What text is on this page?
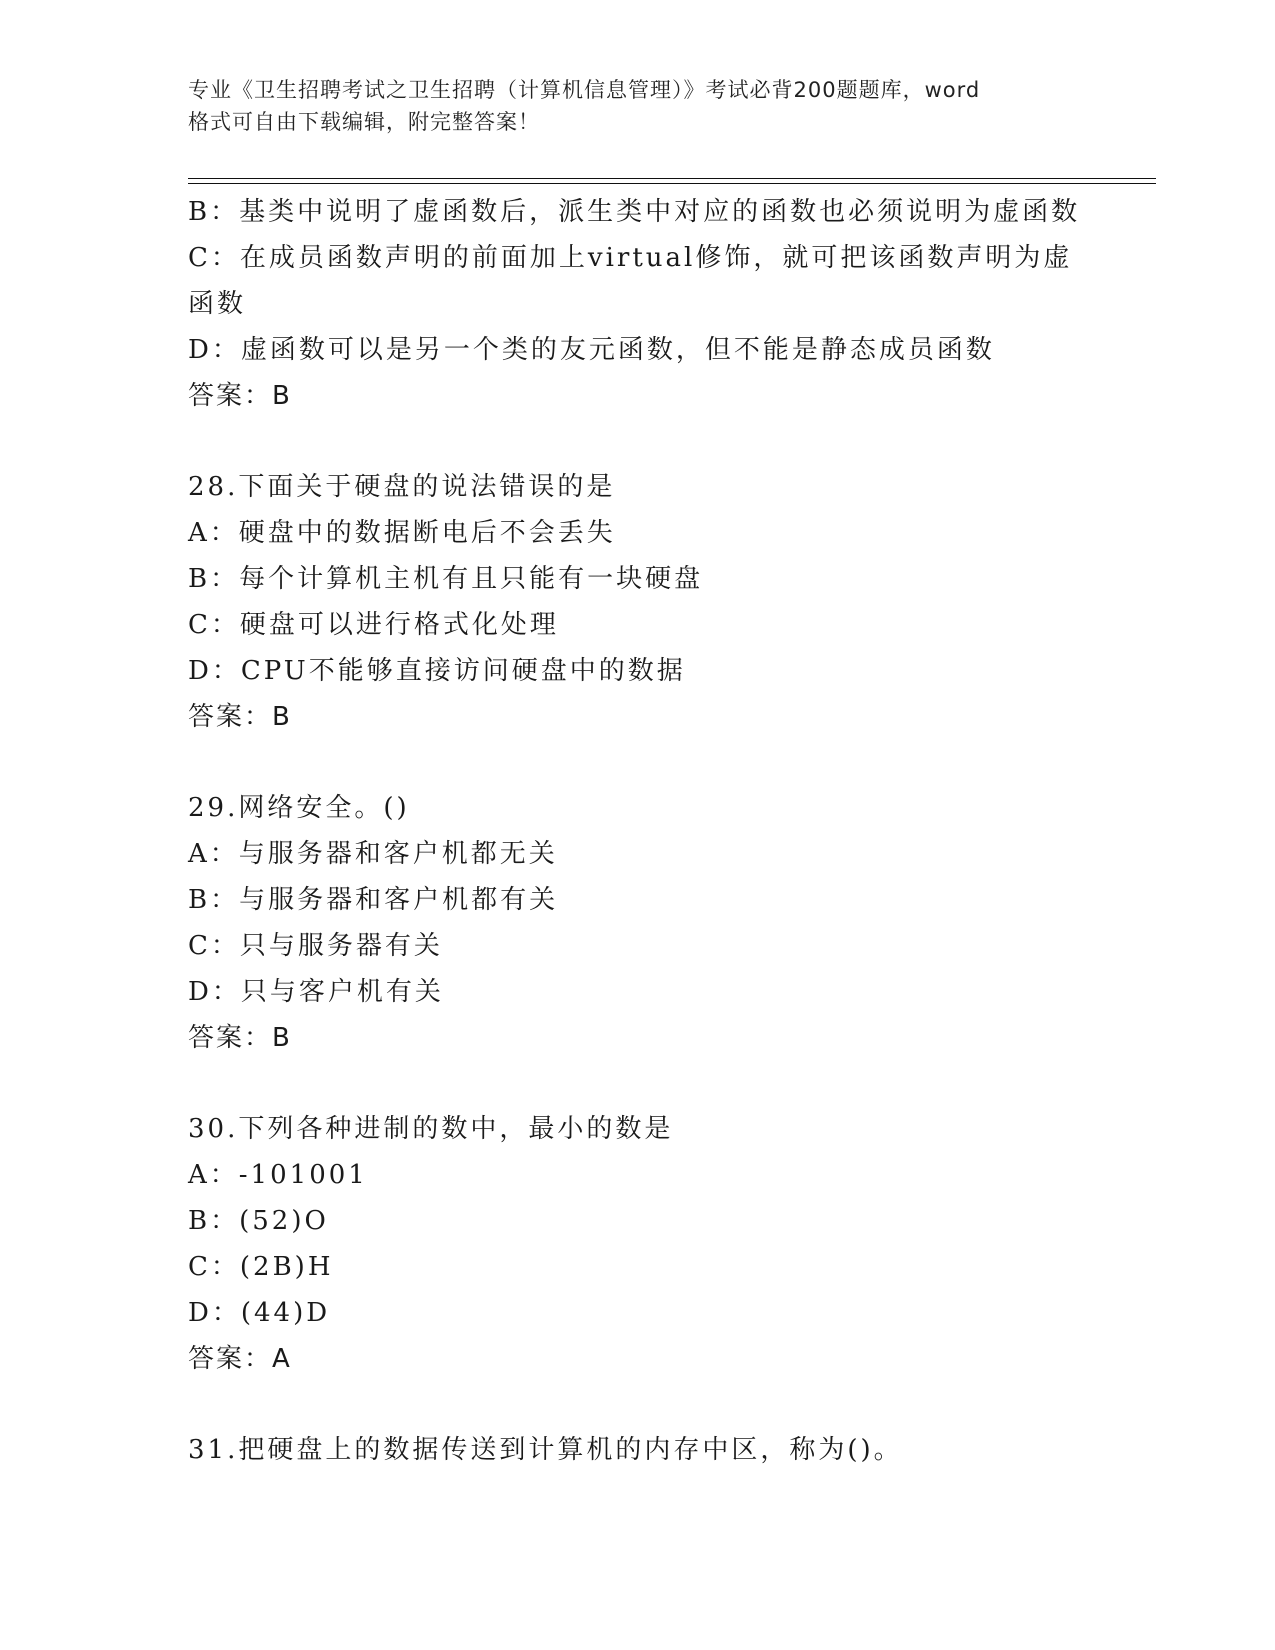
专业《卫生招聘考试之卫生招聘（计算机信息管理）》考试必背200题题库，word
格式可自由下载编辑，附完整答案！
B：基类中说明了虚函数后，派生类中对应的函数也必须说明为虚函数
C：在成员函数声明的前面加上virtual修饰，就可把该函数声明为虚
函数
D：虚函数可以是另一个类的友元函数，但不能是静态成员函数
答案：B
28.下面关于硬盘的说法错误的是
A：硬盘中的数据断电后不会丢失
B：每个计算机主机有且只能有一块硬盘
C：硬盘可以进行格式化处理
D：CPU不能够直接访问硬盘中的数据
答案：B
29.网络安全。()
A：与服务器和客户机都无关
B：与服务器和客户机都有关
C：只与服务器有关
D：只与客户机有关
答案：B
30.下列各种进制的数中，最小的数是
A：-101001
B：(52)O
C：(2B)H
D：(44)D
答案：A
31.把硬盘上的数据传送到计算机的内存中区，称为()。
